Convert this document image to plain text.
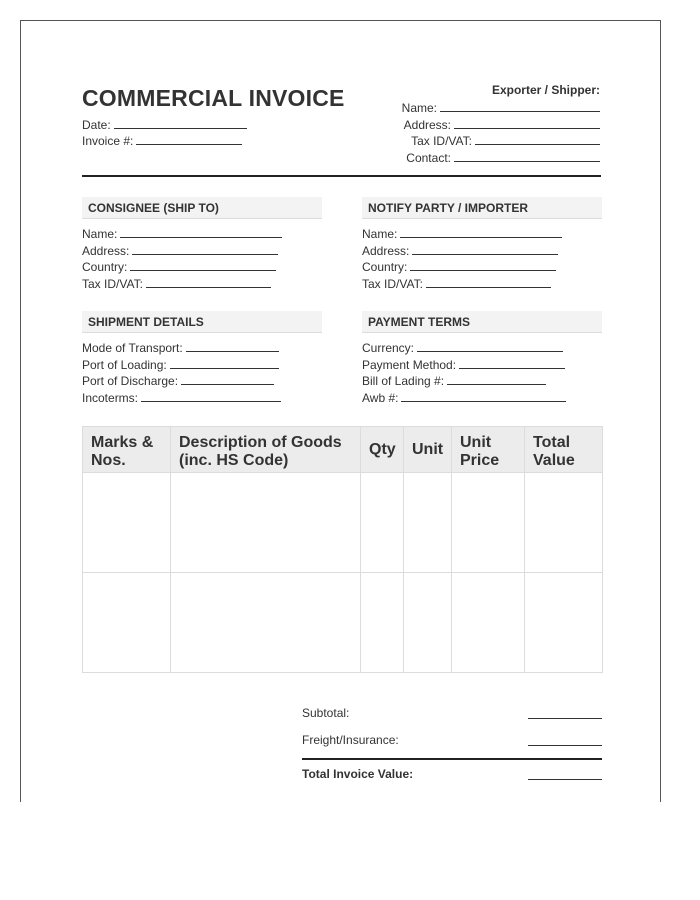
COMMERCIAL INVOICE
Date:
Invoice #:
Exporter / Shipper:
Name:
Address:
Tax ID/VAT:
Contact:
CONSIGNEE (SHIP TO)
Name:
Address:
Country:
Tax ID/VAT:
NOTIFY PARTY / IMPORTER
Name:
Address:
Country:
Tax ID/VAT:
SHIPMENT DETAILS
Mode of Transport:
Port of Loading:
Port of Discharge:
Incoterms:
PAYMENT TERMS
Currency:
Payment Method:
Bill of Lading #:
Awb #:
Marks & Nos.	Description of Goods (inc. HS Code)	Qty	Unit	Unit Price	Total Value

Subtotal:
Freight/Insurance:
Total Invoice Value:
